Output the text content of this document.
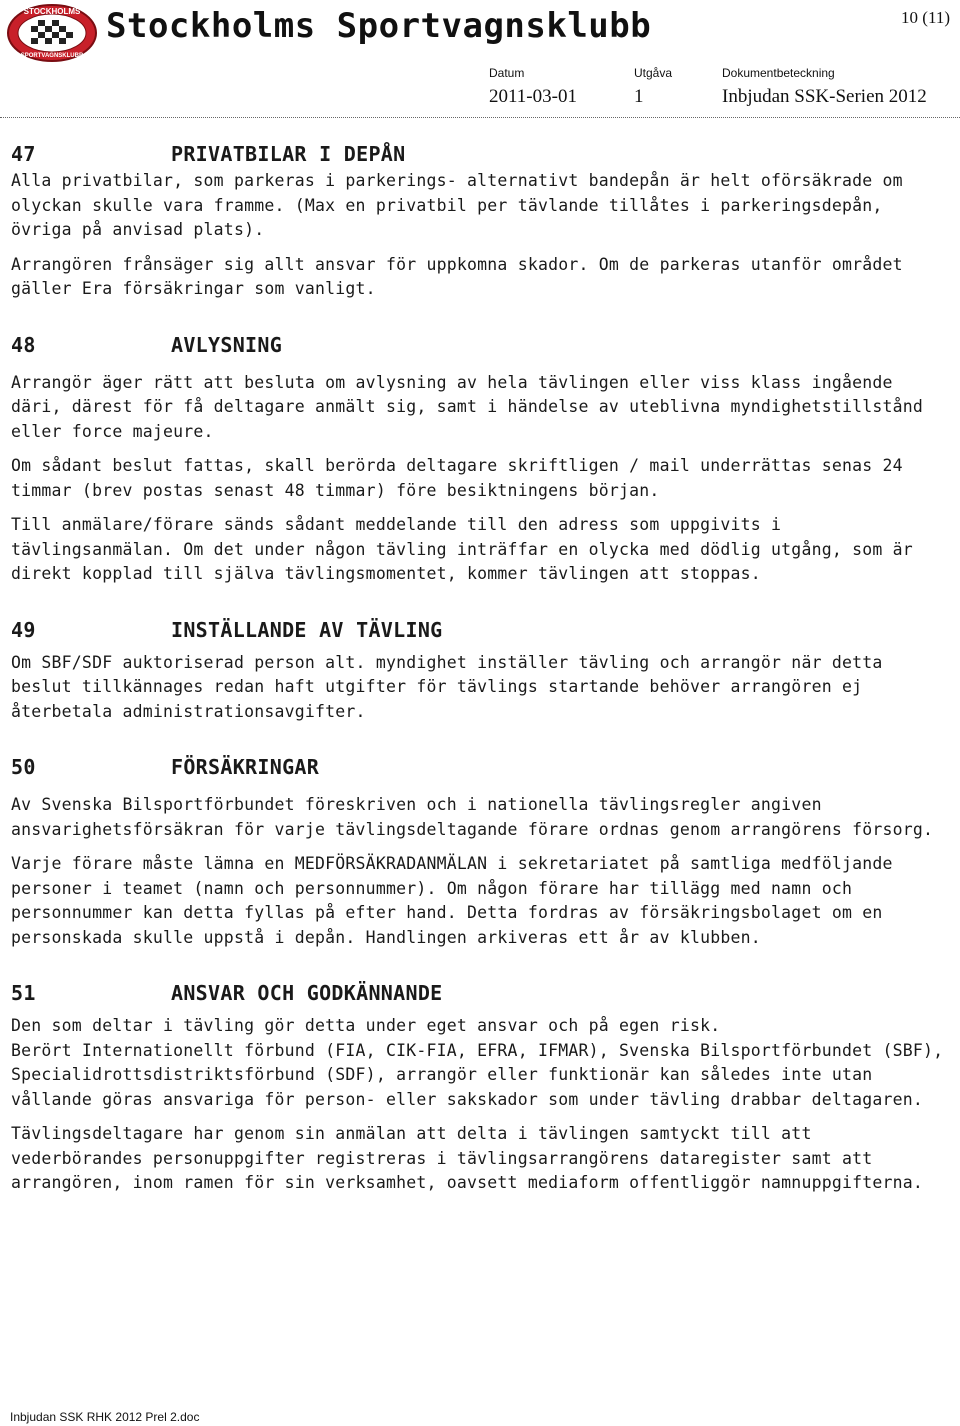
STOCKHOLMS
SPORTVAGNSKLUBB
Stockholms Sportvagnsklubb	10 (11)
Datum	Utgåva	Dokumentbeteckning
2011-03-01	1	Inbjudan SSK-Serien 2012
47	PRIVATBILAR I DEPÅN

Alla privatbilar, som parkeras i parkerings- alternativt bandepån är helt oförsäkrade om olyckan skulle vara framme. (Max en privatbil per tävlande tillåtes i parkeringsdepån, övriga på anvisad plats).

Arrangören frånsäger sig allt ansvar för uppkomna skador. Om de parkeras utanför området gäller Era försäkringar som vanligt.

48	AVLYSNING

Arrangör äger rätt att besluta om avlysning av hela tävlingen eller viss klass ingående däri, därest för få deltagare anmält sig, samt i händelse av uteblivna myndighetstillstånd eller force majeure.

Om sådant beslut fattas, skall berörda deltagare skriftligen / mail underrättas senas 24 timmar (brev postas senast 48 timmar) före besiktningens början.

Till anmälare/förare sänds sådant meddelande till den adress som uppgivits i tävlingsanmälan. Om det under någon tävling inträffar en olycka med dödlig utgång, som är direkt kopplad till själva tävlingsmomentet, kommer tävlingen att stoppas.

49	INSTÄLLANDE AV TÄVLING

Om SBF/SDF auktoriserad person alt. myndighet inställer tävling och arrangör när detta beslut tillkännages redan haft utgifter för tävlings startande behöver arrangören ej återbetala administrationsavgifter.

50	FÖRSÄKRINGAR

Av Svenska Bilsportförbundet föreskriven och i nationella tävlingsregler angiven ansvarighetsförsäkran för varje tävlingsdeltagande förare ordnas genom arrangörens försorg.

Varje förare måste lämna en MEDFÖRSÄKRADANMÄLAN i sekretariatet på samtliga medföljande personer i teamet (namn och personnummer). Om någon förare har tillägg med namn och personnummer kan detta fyllas på efter hand. Detta fordras av försäkringsbolaget om en personskada skulle uppstå i depån. Handlingen arkiveras ett år av klubben.

51	ANSVAR OCH GODKÄNNANDE

Den som deltar i tävling gör detta under eget ansvar och på egen risk.

Berört Internationellt förbund (FIA, CIK-FIA, EFRA, IFMAR), Svenska Bilsportförbundet (SBF), Specialidrottsdistriktsförbund (SDF), arrangör eller funktionär kan således inte utan vållande göras ansvariga för person- eller sakskador som under tävling drabbar deltagaren.

Tävlingsdeltagare har genom sin anmälan att delta i tävlingen samtyckt till att vederbörandes personuppgifter registreras i tävlingsarrangörens dataregister samt att arrangören, inom ramen för sin verksamhet, oavsett mediaform offentliggör namnuppgifterna.

Inbjudan SSK RHK 2012 Prel 2.doc
